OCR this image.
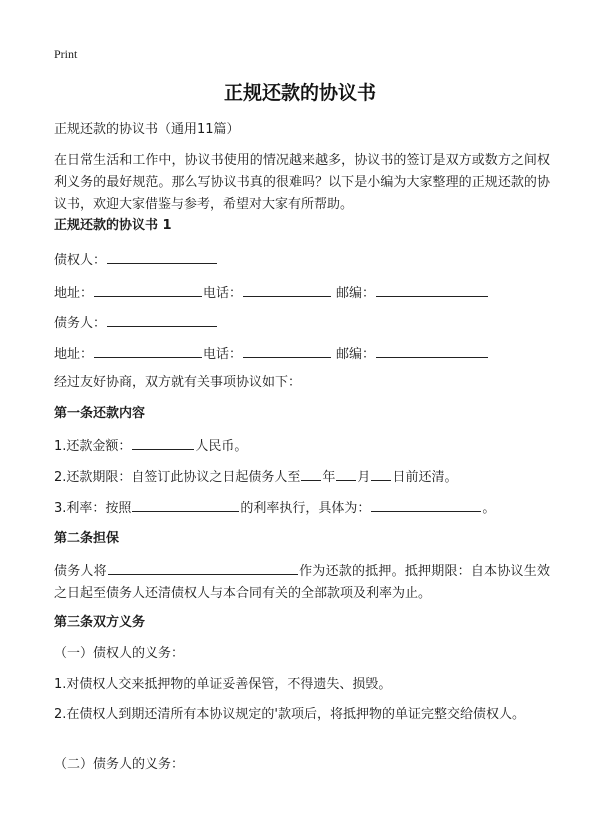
Print
正规还款的协议书
正规还款的协议书（通用11篇）
在日常生活和工作中，协议书使用的情况越来越多，协议书的签订是双方或数方之间权利义务的最好规范。那么写协议书真的很难吗？以下是小编为大家整理的正规还款的协议书，欢迎大家借鉴与参考，希望对大家有所帮助。
正规还款的协议书 1
债权人：
地址：	电话：	邮编：
债务人：
地址：	电话：	邮编：
经过友好协商，双方就有关事项协议如下：
第一条还款内容
1.还款金额：	人民币。
2.还款期限：自签订此协议之日起债务人至 年 月 日前还清。
3.利率：按照	的利率执行，具体为：	。
第二条担保
债务人将	作为还款的抵押。抵押期限：自本协议生效之日起至债务人还清债权人与本合同有关的全部款项及利率为止。
第三条双方义务
（一）债权人的义务：
1.对债权人交来抵押物的单证妥善保管，不得遗失、损毁。
2.在债权人到期还清所有本协议规定的'款项后，将抵押物的单证完整交给债权人。
（二）债务人的义务：
